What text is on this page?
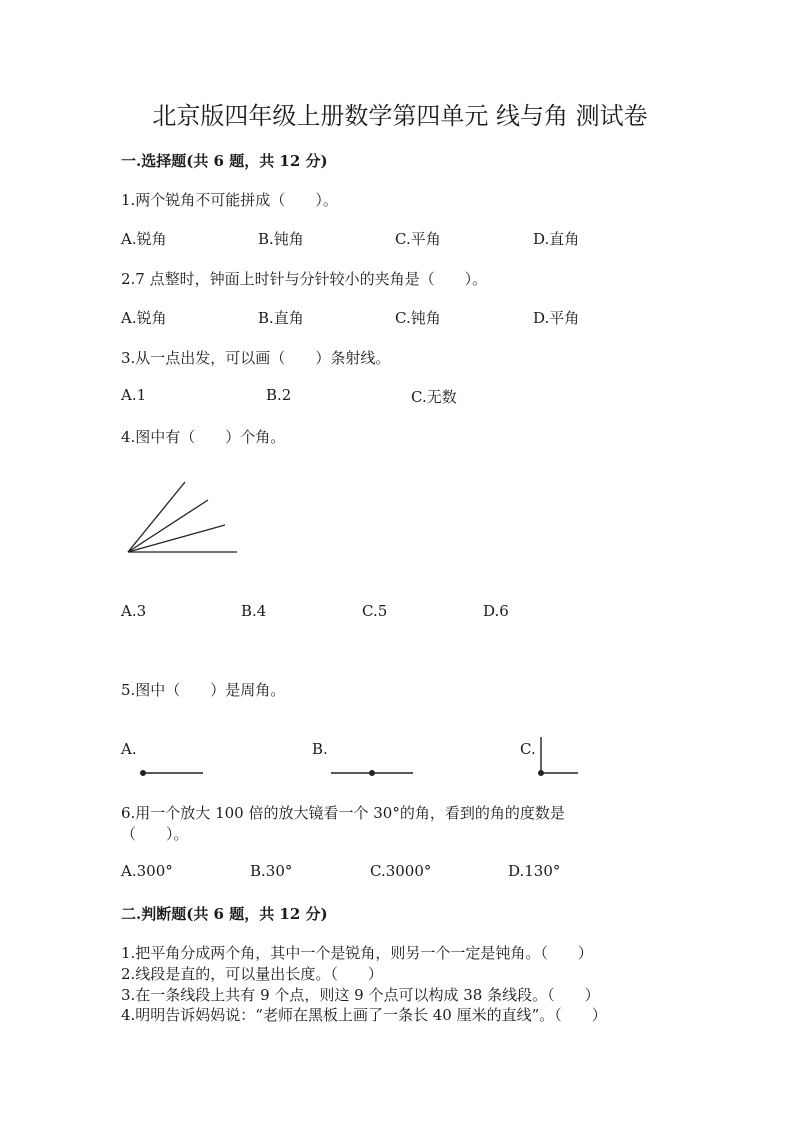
北京版四年级上册数学第四单元 线与角 测试卷
一.选择题(共 6 题，共 12 分)
1.两个锐角不可能拼成（　　）。
A.锐角	B.钝角	C.平角	D.直角
2.7 点整时，钟面上时针与分针较小的夹角是（　　）。
A.锐角	B.直角	C.钝角	D.平角
3.从一点出发，可以画（　　）条射线。
A.1	B.2	C.无数
4.图中有（　　）个角。
A.3	B.4	C.5	D.6
5.图中（　　）是周角。
A.	B.	C.
6.用一个放大 100 倍的放大镜看一个 30°的角，看到的角的度数是
（　　）。
A.300°	B.30°	C.3000°	D.130°
二.判断题(共 6 题，共 12 分)
1.把平角分成两个角，其中一个是锐角，则另一个一定是钝角。（　　）
2.线段是直的，可以量出长度。（　　）
3.在一条线段上共有 9 个点，则这 9 个点可以构成 38 条线段。（　　）
4.明明告诉妈妈说：“老师在黑板上画了一条长 40 厘米的直线”。（　　）
